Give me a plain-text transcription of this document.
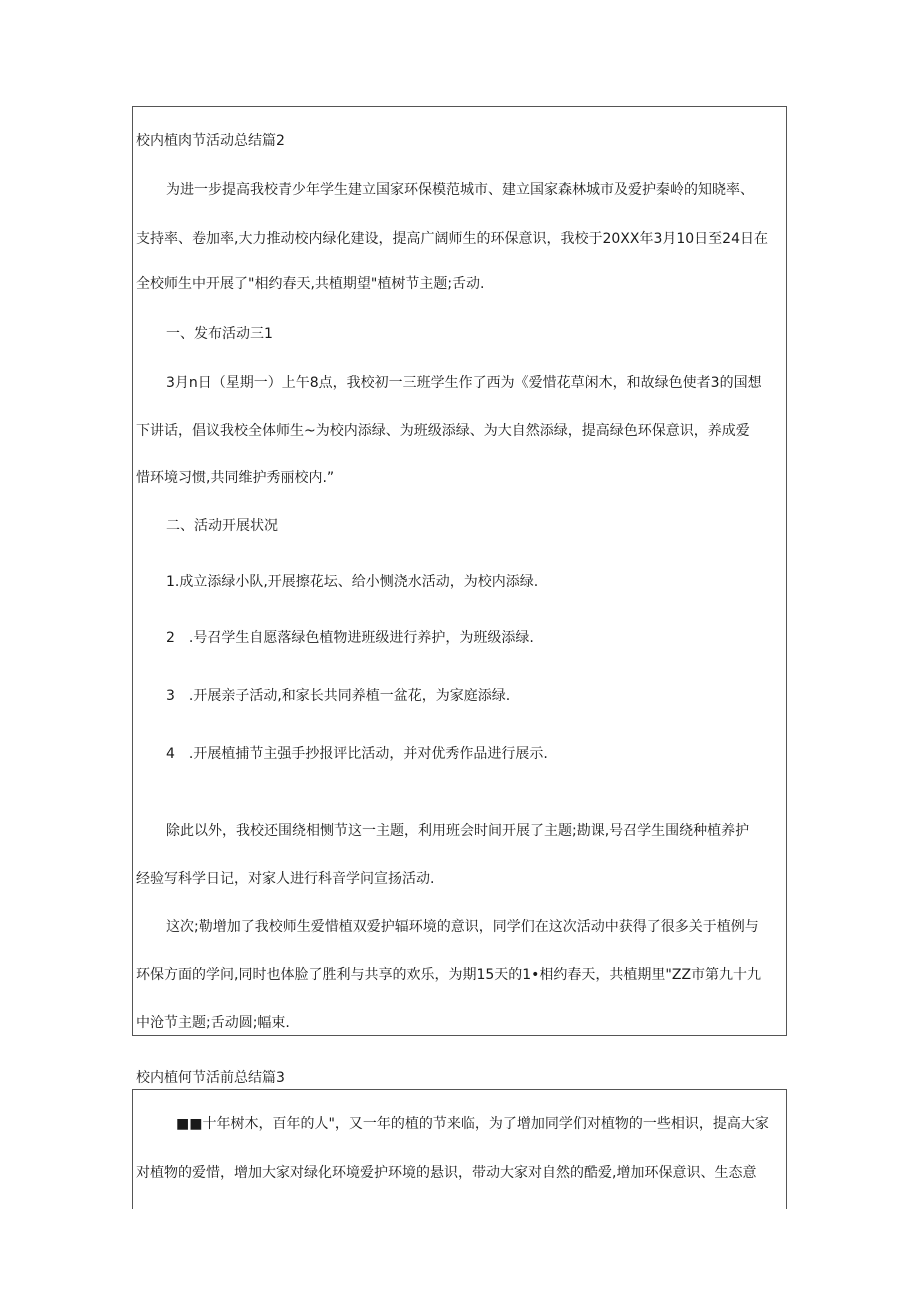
校内植肉节活动总结篇2
为进一步提高我校青少年学生建立国家环保模范城市、建立国家森林城市及爱护秦岭的知晓率、
支持率、卷加率,大力推动校内绿化建设，提高广阔师生的环保意识，我校于20XX年3月10日至24日在
全校师生中开展了"相约春天,共植期望"植树节主题;舌动.
一、发布活动三1
3月n日（星期一）上午8点，我校初一三班学生作了西为《爱惜花草闲木，和故绿色使者3的国想
下讲话，倡议我校全体师生~为校内添绿、为班级添绿、为大自然添绿，提高绿色环保意识，养成爱
惜环境习惯,共同维护秀丽校内.”
二、活动开展状况
1.成立添绿小队,开展擦花坛、给小恻浇水活动，为校内添绿.
2　.号召学生自愿落绿色植物进班级进行养护，为班级添绿.
3　.开展亲子活动,和家长共同养植一盆花，为家庭添绿.
4　.开展植捕节主强手抄报评比活动，并对优秀作品进行展示.
除此以外，我校还围绕相恻节这一主题，利用班会时间开展了主题;勘课,号召学生围绕种植养护
经验写科学日记，对家人进行科音学问宣扬活动.
这次;勒增加了我校师生爱惜植双爱护辐环境的意识，同学们在这次活动中获得了很多关于植例与
环保方面的学问,同时也体脸了胜利与共享的欢乐，为期15天的1•相约春天，共植期里"ZZ市第九十九
中沧节主题;舌动圆;幅束.
校内植何节活前总结篇3
■■十年树木，百年的人"，又一年的植的节来临，为了增加同学们对植物的一些相识，提高大家
对植物的爱惜，增加大家对绿化环境爱护环境的悬识，带动大家对自然的酷爱,增加环保意识、生态意
